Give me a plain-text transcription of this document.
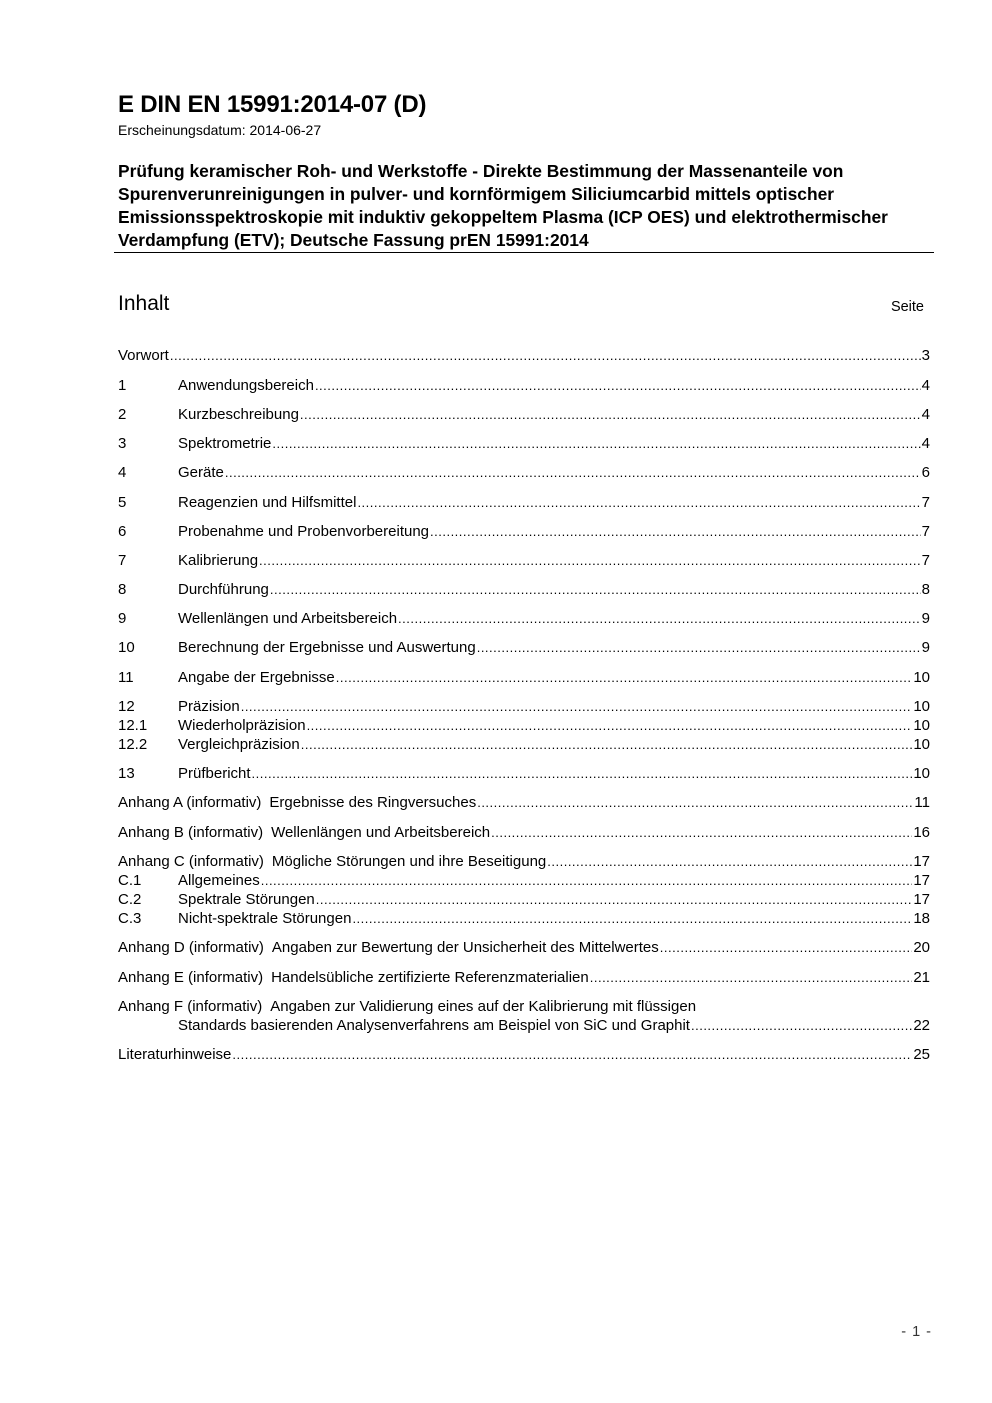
E DIN EN 15991:2014-07 (D)
Erscheinungsdatum: 2014-06-27
Prüfung keramischer Roh- und Werkstoffe - Direkte Bestimmung der Massenanteile von Spurenverunreinigungen in pulver- und kornförmigem Siliciumcarbid mittels optischer Emissionsspektroskopie mit induktiv gekoppeltem Plasma (ICP OES) und elektrothermischer Verdampfung (ETV); Deutsche Fassung prEN 15991:2014
Inhalt	Seite
Vorwort .....	3
1	Anwendungsbereich .....	4
2	Kurzbeschreibung .....	4
3	Spektrometrie .....	4
4	Geräte .....	6
5	Reagenzien und Hilfsmittel .....	7
6	Probenahme und Probenvorbereitung .....	7
7	Kalibrierung .....	7
8	Durchführung .....	8
9	Wellenlängen und Arbeitsbereich .....	9
10	Berechnung der Ergebnisse und Auswertung .....	9
11	Angabe der Ergebnisse .....	10
12	Präzision .....	10
12.1	Wiederholpräzision .....	10
12.2	Vergleichpräzision .....	10
13	Prüfbericht .....	10
Anhang A (informativ) Ergebnisse des Ringversuches .....	11
Anhang B (informativ) Wellenlängen und Arbeitsbereich .....	16
Anhang C (informativ) Mögliche Störungen und ihre Beseitigung .....	17
C.1	Allgemeines .....	17
C.2	Spektrale Störungen .....	17
C.3	Nicht-spektrale Störungen .....	18
Anhang D (informativ) Angaben zur Bewertung der Unsicherheit des Mittelwertes .....	20
Anhang E (informativ) Handelsübliche zertifizierte Referenzmaterialien .....	21
Anhang F (informativ) Angaben zur Validierung eines auf der Kalibrierung mit flüssigen
Standards basierenden Analysenverfahrens am Beispiel von SiC und Graphit .....	22
Literaturhinweise .....	25
- 1 -
